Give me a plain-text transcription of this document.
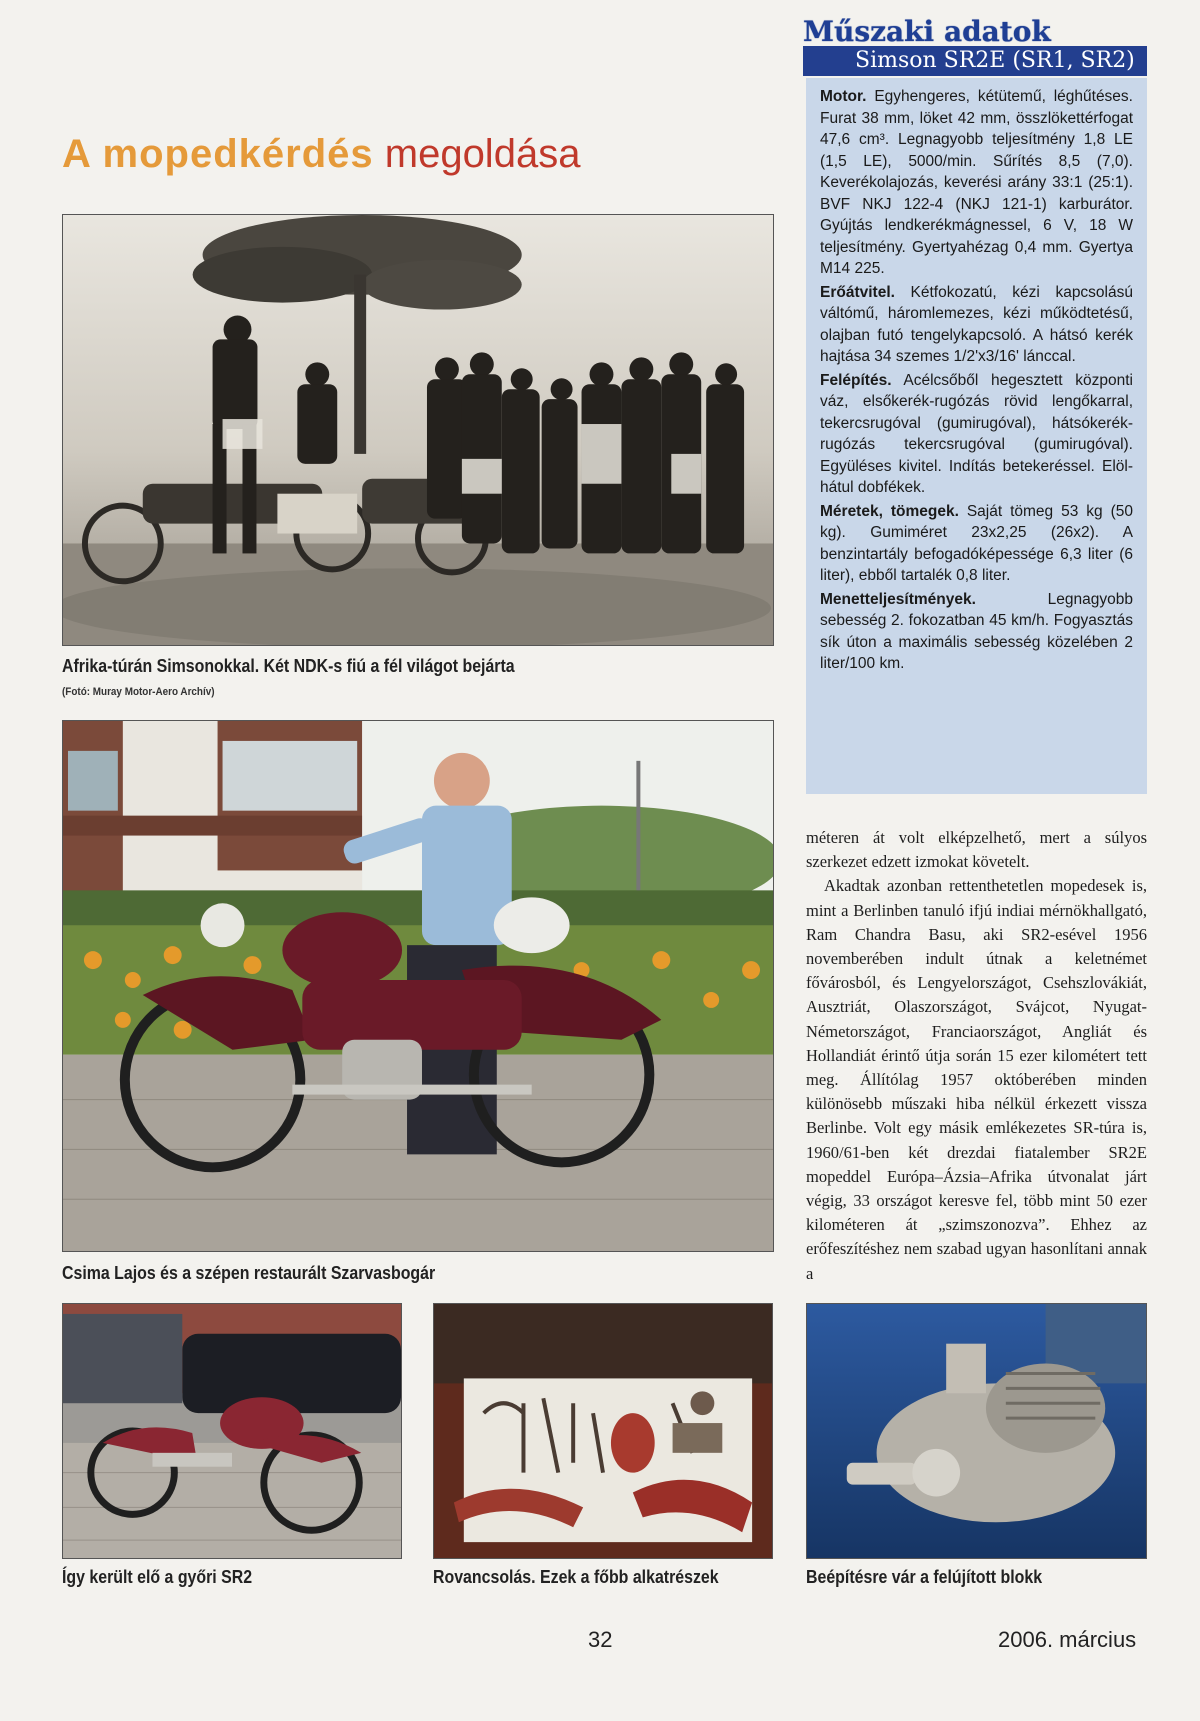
A mopedkérdés megoldása
Afrika-túrán Simsonokkal. Két NDK-s fiú a fél világot bejárta
(Fotó: Muray Motor-Aero Archív)
Csima Lajos és a szépen restaurált Szarvasbogár
Így került elő a győri SR2	Rovancsolás. Ezek a főbb alkatrészek	Beépítésre vár a felújított blokk
Műszaki adatok
Simson SR2E (SR1, SR2)

Motor. Egyhengeres, kétütemű, léghűtéses. Furat 38 mm, löket 42 mm, összlökettérfogat 47,6 cm³. Legnagyobb teljesítmény 1,8 LE (1,5 LE), 5000/min. Sűrítés 8,5 (7,0). Keverékolajozás, keverési arány 33:1 (25:1). BVF NKJ 122-4 (NKJ 121-1) karburátor. Gyújtás lendkerékmágnessel, 6 V, 18 W teljesítmény. Gyertyahézag 0,4 mm. Gyertya M14 225.

Erőátvitel. Kétfokozatú, kézi kapcsolású váltómű, háromlemezes, kézi működtetésű, olajban futó tengelykapcsoló. A hátsó kerék hajtása 34 szemes 1/2'x3/16' lánccal.

Felépítés. Acélcsőből hegesztett központi váz, elsőkerék-rugózás rövid lengőkarral, tekercsrugóval (gumirugóval), hátsókerék-rugózás tekercsrugóval (gumirugóval). Együléses kivitel. Indítás betekeréssel. Elöl-hátul dobfékek.

Méretek, tömegek. Saját tömeg 53 kg (50 kg). Gumiméret 23x2,25 (26x2). A benzintartály befogadóképessége 6,3 liter (6 liter), ebből tartalék 0,8 liter.

Menetteljesítmények. Legnagyobb sebesség 2. fokozatban 45 km/h. Fogyasztás sík úton a maximális sebesség közelében 2 liter/100 km.

méteren át volt elképzelhető, mert a súlyos szerkezet edzett izmokat követelt.

Akadtak azonban rettenthetetlen mopedesek is, mint a Berlinben tanuló ifjú indiai mérnökhallgató, Ram Chandra Basu, aki SR2-esével 1956 novemberében indult útnak a keletnémet fővárosból, és Lengyelországot, Csehszlovákiát, Ausztriát, Olaszországot, Svájcot, Nyugat-Németországot, Franciaországot, Angliát és Hollandiát érintő útja során 15 ezer kilométert tett meg. Állítólag 1957 októberében minden különösebb műszaki hiba nélkül érkezett vissza Berlinbe. Volt egy másik emlékezetes SR-túra is, 1960/61-ben két drezdai fiatalember SR2E mopeddel Európa–Ázsia–Afrika útvonalat járt végig, 33 országot keresve fel, több mint 50 ezer kilométeren át „szimszonozva”. Ehhez az erőfeszítéshez nem szabad ugyan hasonlítani annak a

32	2006. március
